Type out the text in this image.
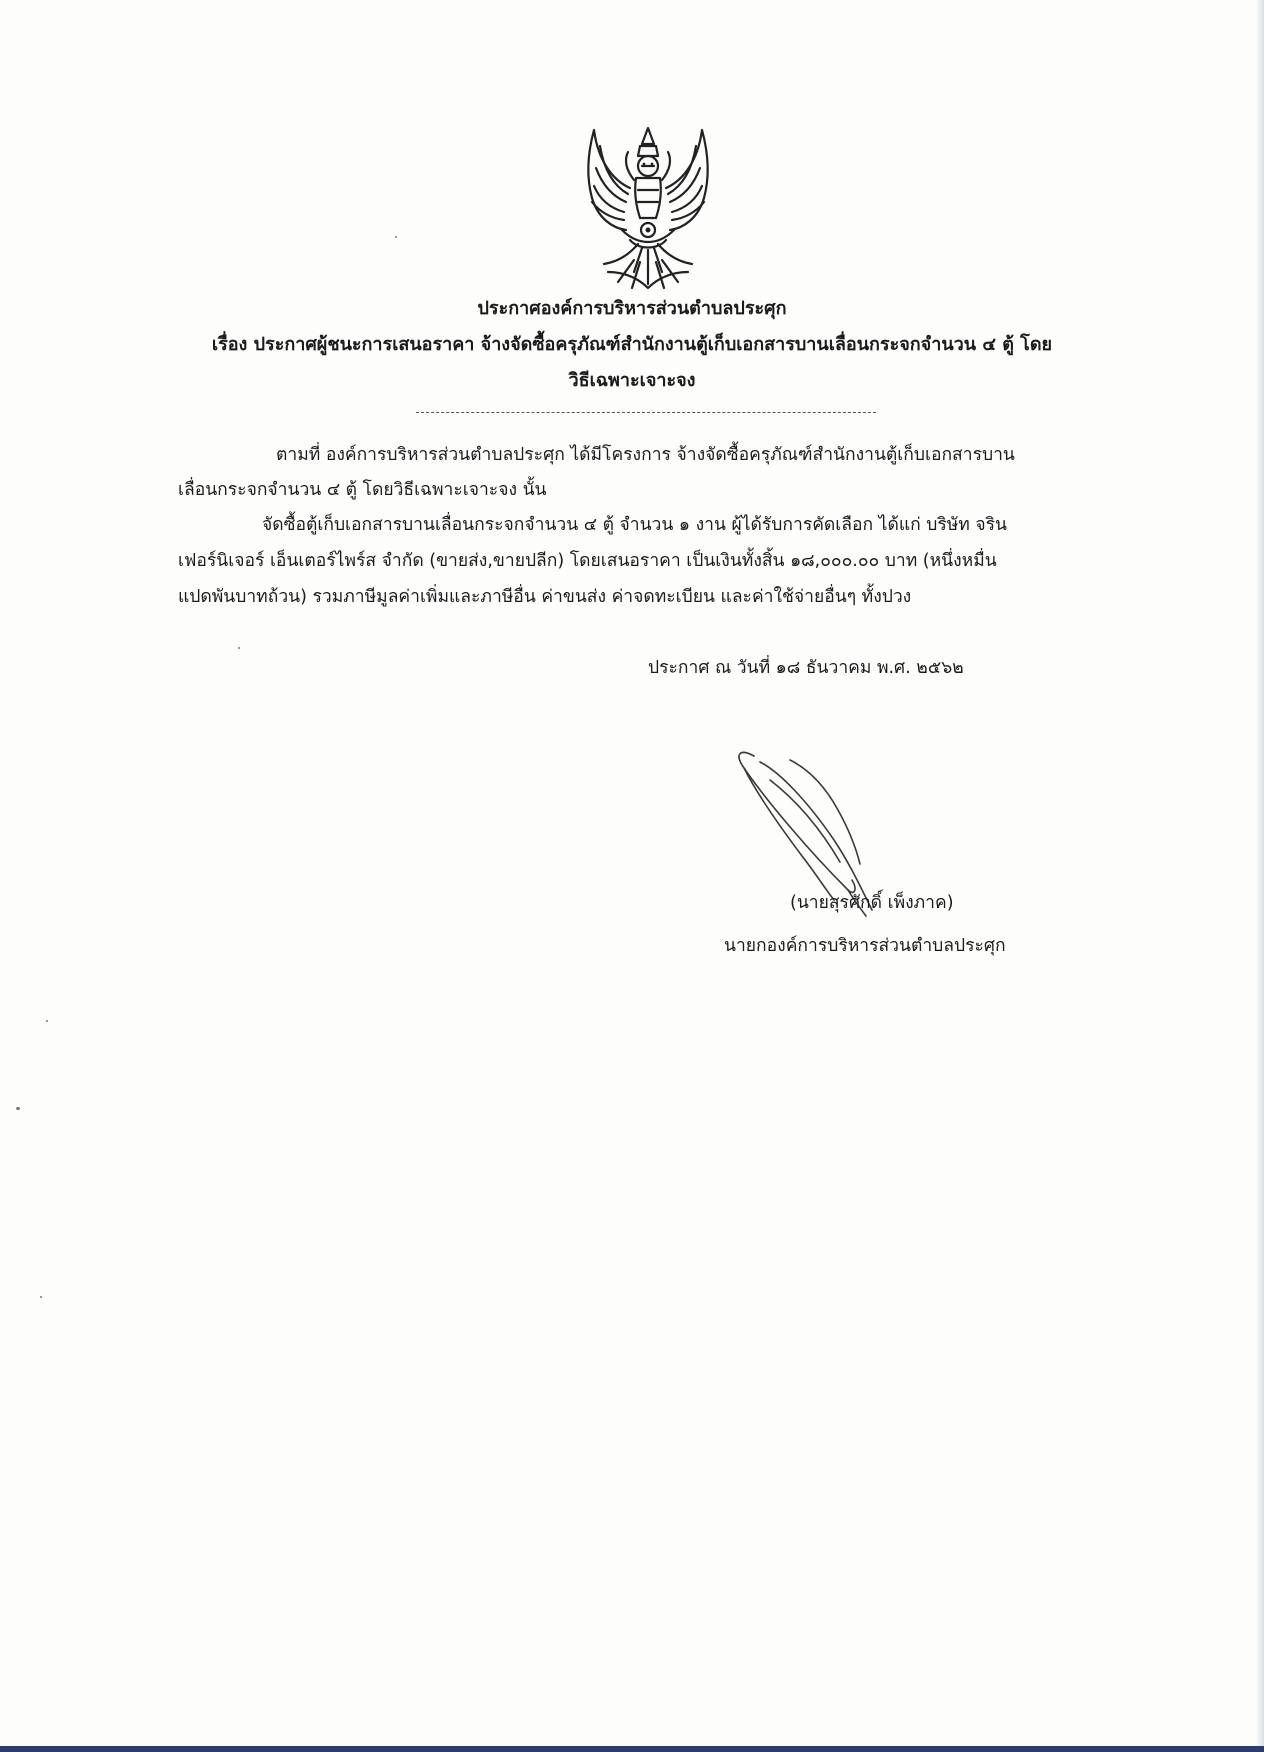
ประกาศองค์การบริหารส่วนตำบลประศุก
เรื่อง ประกาศผู้ชนะการเสนอราคา จ้างจัดซื้อครุภัณฑ์สำนักงานตู้เก็บเอกสารบานเลื่อนกระจกจำนวน ๔ ตู้ โดย
วิธีเฉพาะเจาะจง
ตามที่ องค์การบริหารส่วนตำบลประศุก ได้มีโครงการ จ้างจัดซื้อครุภัณฑ์สำนักงานตู้เก็บเอกสารบาน
เลื่อนกระจกจำนวน ๔ ตู้ โดยวิธีเฉพาะเจาะจง นั้น
จัดซื้อตู้เก็บเอกสารบานเลื่อนกระจกจำนวน ๔ ตู้ จำนวน ๑ งาน ผู้ได้รับการคัดเลือก ได้แก่ บริษัท จริน
เฟอร์นิเจอร์ เอ็นเตอร์ไพร์ส จำกัด (ขายส่ง,ขายปลีก) โดยเสนอราคา เป็นเงินทั้งสิ้น ๑๘,๐๐๐.๐๐ บาท (หนึ่งหมื่น
แปดพันบาทถ้วน) รวมภาษีมูลค่าเพิ่มและภาษีอื่น ค่าขนส่ง ค่าจดทะเบียน และค่าใช้จ่ายอื่นๆ ทั้งปวง
ประกาศ ณ วันที่ ๑๘ ธันวาคม พ.ศ. ๒๕๖๒
(นายสุรศักดิ์ เพ็งภาค)
นายกองค์การบริหารส่วนตำบลประศุก
